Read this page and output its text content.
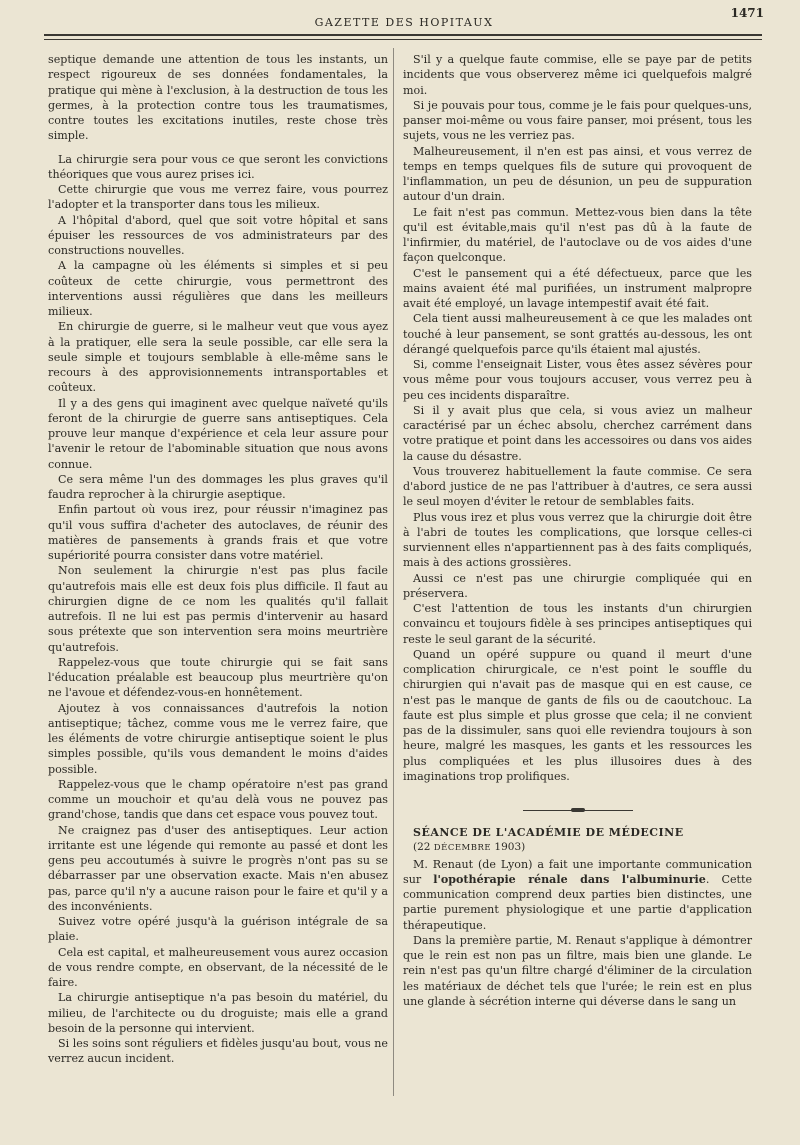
GAZETTE DES HOPITAUX
1471

septique demande une attention de tous les instants, un respect rigoureux de ses données fondamentales, la pratique qui mène à l'exclusion, à la destruction de tous les germes, à la protection contre tous les traumatismes, contre toutes les excitations inutiles, reste chose très simple.

La chirurgie sera pour vous ce que seront les convictions théoriques que vous aurez prises ici.

Cette chirurgie que vous me verrez faire, vous pourrez l'adopter et la transporter dans tous les milieux.

A l'hôpital d'abord, quel que soit votre hôpital et sans épuiser les ressources de vos administrateurs par des constructions nouvelles.

A la campagne où les éléments si simples et si peu coûteux de cette chirurgie, vous permettront des interventions aussi régulières que dans les meilleurs milieux.

En chirurgie de guerre, si le malheur veut que vous ayez à la pratiquer, elle sera la seule possible, car elle sera la seule simple et toujours semblable à elle-même sans le recours à des approvisionnements intransportables et coûteux.

Il y a des gens qui imaginent avec quelque naïveté qu'ils feront de la chirurgie de guerre sans antiseptiques. Cela prouve leur manque d'expérience et cela leur assure pour l'avenir le retour de l'abominable situation que nous avons connue.

Ce sera même l'un des dommages les plus graves qu'il faudra reprocher à la chirurgie aseptique.

Enfin partout où vous irez, pour réussir n'imaginez pas qu'il vous suffira d'acheter des autoclaves, de réunir des matières de pansements à grands frais et que votre supériorité pourra consister dans votre matériel.

Non seulement la chirurgie n'est pas plus facile qu'autrefois mais elle est deux fois plus difficile. Il faut au chirurgien digne de ce nom les qualités qu'il fallait autrefois. Il ne lui est pas permis d'intervenir au hasard sous prétexte que son intervention sera moins meurtrière qu'autrefois.

Rappelez-vous que toute chirurgie qui se fait sans l'éducation préalable est beaucoup plus meurtrière qu'on ne l'avoue et défendez-vous-en honnêtement.

Ajoutez à vos connaissances d'autrefois la notion antiseptique; tâchez, comme vous me le verrez faire, que les éléments de votre chirurgie antiseptique soient le plus simples possible, qu'ils vous demandent le moins d'aides possible.

Rappelez-vous que le champ opératoire n'est pas grand comme un mouchoir et qu'au delà vous ne pouvez pas grand'chose, tandis que dans cet espace vous pouvez tout.

Ne craignez pas d'user des antiseptiques. Leur action irritante est une légende qui remonte au passé et dont les gens peu accoutumés à suivre le progrès n'ont pas su se débarrasser par une observation exacte. Mais n'en abusez pas, parce qu'il n'y a aucune raison pour le faire et qu'il y a des inconvénients.

Suivez votre opéré jusqu'à la guérison intégrale de sa plaie.

Cela est capital, et malheureusement vous aurez occasion de vous rendre compte, en observant, de la nécessité de le faire.

La chirurgie antiseptique n'a pas besoin du matériel, du milieu, de l'architecte ou du droguiste; mais elle a grand besoin de la personne qui intervient.

Si les soins sont réguliers et fidèles jusqu'au bout, vous ne verrez aucun incident.

S'il y a quelque faute commise, elle se paye par de petits incidents que vous observerez même ici quelquefois malgré moi.

Si je pouvais pour tous, comme je le fais pour quelques-uns, panser moi-même ou vous faire panser, moi présent, tous les sujets, vous ne les verriez pas.

Malheureusement, il n'en est pas ainsi, et vous verrez de temps en temps quelques fils de suture qui provoquent de l'inflammation, un peu de désunion, un peu de suppuration autour d'un drain.

Le fait n'est pas commun. Mettez-vous bien dans la tête qu'il est évitable,mais qu'il n'est pas dû à la faute de l'infirmier, du matériel, de l'autoclave ou de vos aides d'une façon quelconque.

C'est le pansement qui a été défectueux, parce que les mains avaient été mal purifiées, un instrument malpropre avait été employé, un lavage intempestif avait été fait.

Cela tient aussi malheureusement à ce que les malades ont touché à leur pansement, se sont grattés au-dessous, les ont dérangé quelquefois parce qu'ils étaient mal ajustés.

Si, comme l'enseignait Lister, vous êtes assez sévères pour vous même pour vous toujours accuser, vous verrez peu à peu ces incidents disparaître.

Si il y avait plus que cela, si vous aviez un malheur caractérisé par un échec absolu, cherchez carrément dans votre pratique et point dans les accessoires ou dans vos aides la cause du désastre.

Vous trouverez habituellement la faute commise. Ce sera d'abord justice de ne pas l'attribuer à d'autres, ce sera aussi le seul moyen d'éviter le retour de semblables faits.

Plus vous irez et plus vous verrez que la chirurgie doit être à l'abri de toutes les complications, que lorsque celles-ci surviennent elles n'appartiennent pas à des faits compliqués, mais à des actions grossières.

Aussi ce n'est pas une chirurgie compliquée qui en préservera.

C'est l'attention de tous les instants d'un chirurgien convaincu et toujours fidèle à ses principes antiseptiques qui reste le seul garant de la sécurité.

Quand un opéré suppure ou quand il meurt d'une complication chirurgicale, ce n'est point le souffle du chirurgien qui n'avait pas de masque qui en est cause, ce n'est pas le manque de gants de fils ou de caoutchouc. La faute est plus simple et plus grosse que cela; il ne convient pas de la dissimuler, sans quoi elle reviendra toujours à son heure, malgré les masques, les gants et les ressources les plus compliquées et les plus illusoires dues à des imaginations trop prolifiques.

SÉANCE DE L'ACADÉMIE DE MÉDECINE

(22 DÉCEMBRE 1903)

M. Renaut (de Lyon) a fait une importante communication sur l'opothérapie rénale dans l'albuminurie. Cette communication comprend deux parties bien distinctes, une partie purement physiologique et une partie d'application thérapeutique.

Dans la première partie, M. Renaut s'applique à démontrer que le rein est non pas un filtre, mais bien une glande. Le rein n'est pas qu'un filtre chargé d'éliminer de la circulation les matériaux de déchet tels que l'urée; le rein est en plus une glande à sécrétion interne qui déverse dans le sang un
